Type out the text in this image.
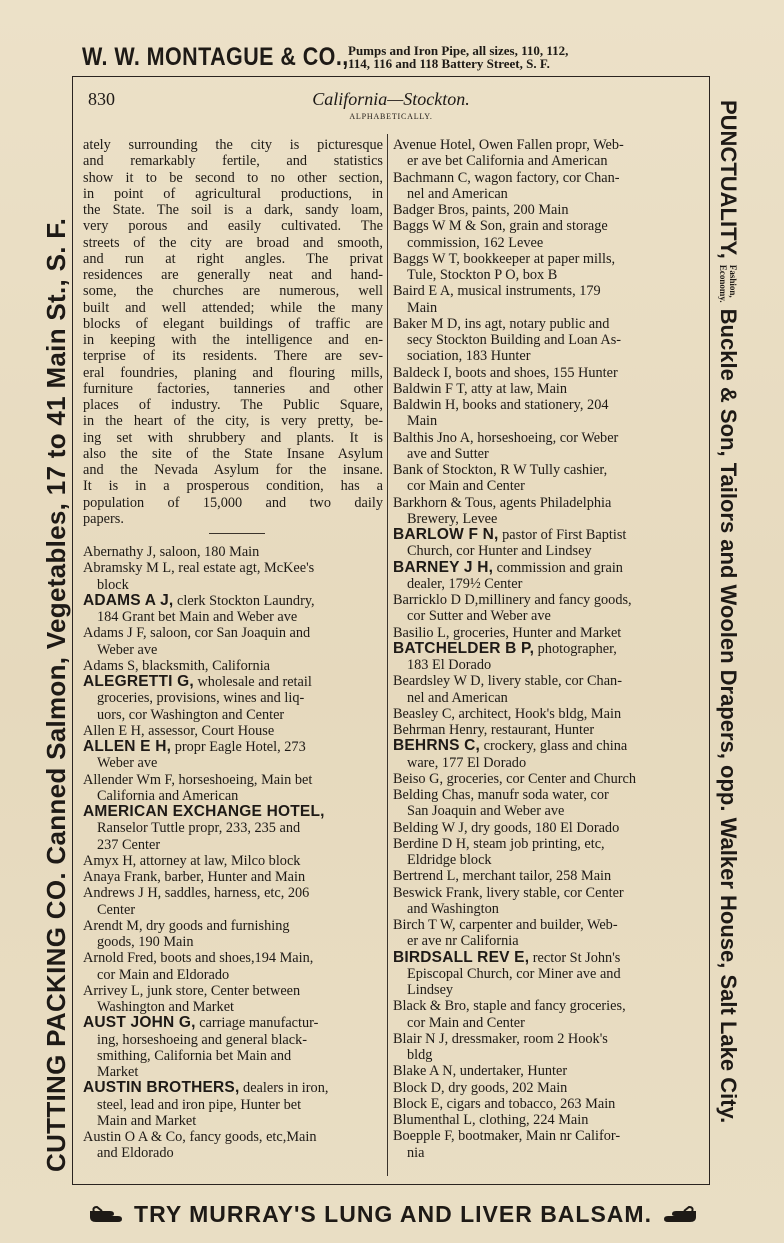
W. W. MONTAGUE & CO., Pumps and Iron Pipe, all sizes, 110, 112,
114, 116 and 118 Battery Street, S. F.
CUTTING PACKING CO. Canned Salmon, Vegetables, 17 to 41 Main St., S. F.
PUNCTUALITY,
Fashion,
Economy.
Buckle & Son, Tailors and Woolen Drapers, opp. Walker House, Salt Lake City.
830	California—Stockton.
ALPHABETICALLY.
ately surrounding the city is picturesque
and remarkably fertile, and statistics
show it to be second to no other section,
in point of agricultural productions, in
the State. The soil is a dark, sandy loam,
very porous and easily cultivated. The
streets of the city are broad and smooth,
and run at right angles. The privat
residences are generally neat and hand-
some, the churches are numerous, well
built and well attended; while the many
blocks of elegant buildings of traffic are
in keeping with the intelligence and en-
terprise of its residents. There are sev-
eral foundries, planing and flouring mills,
furniture factories, tanneries and other
places of industry. The Public Square,
in the heart of the city, is very pretty, be-
ing set with shrubbery and plants. It is
also the site of the State Insane Asylum
and the Nevada Asylum for the insane.
It is in a prosperous condition, has a
population of 15,000 and two daily
papers.
Abernathy J, saloon, 180 Main
Abramsky M L, real estate agt, McKee's
block
ADAMS A J, clerk Stockton Laundry,
184 Grant bet Main and Weber ave
Adams J F, saloon, cor San Joaquin and
Weber ave
Adams S, blacksmith, California
ALEGRETTI G, wholesale and retail
groceries, provisions, wines and liq-
uors, cor Washington and Center
Allen E H, assessor, Court House
ALLEN E H, propr Eagle Hotel, 273
Weber ave
Allender Wm F, horseshoeing, Main bet
California and American
AMERICAN EXCHANGE HOTEL,
Ranselor Tuttle propr, 233, 235 and
237 Center
Amyx H, attorney at law, Milco block
Anaya Frank, barber, Hunter and Main
Andrews J H, saddles, harness, etc, 206
Center
Arendt M, dry goods and furnishing
goods, 190 Main
Arnold Fred, boots and shoes,194 Main,
cor Main and Eldorado
Arrivey L, junk store, Center between
Washington and Market
AUST JOHN G, carriage manufactur-
ing, horseshoeing and general black-
smithing, California bet Main and
Market
AUSTIN BROTHERS, dealers in iron,
steel, lead and iron pipe, Hunter bet
Main and Market
Austin O A & Co, fancy goods, etc,Main
and Eldorado
Avenue Hotel, Owen Fallen propr, Web-
er ave bet California and American
Bachmann C, wagon factory, cor Chan-
nel and American
Badger Bros, paints, 200 Main
Baggs W M & Son, grain and storage
commission, 162 Levee
Baggs W T, bookkeeper at paper mills,
Tule, Stockton P O, box B
Baird E A, musical instruments, 179
Main
Baker M D, ins agt, notary public and
secy Stockton Building and Loan As-
sociation, 183 Hunter
Baldeck I, boots and shoes, 155 Hunter
Baldwin F T, atty at law, Main
Baldwin H, books and stationery, 204
Main
Balthis Jno A, horseshoeing, cor Weber
ave and Sutter
Bank of Stockton, R W Tully cashier,
cor Main and Center
Barkhorn & Tous, agents Philadelphia
Brewery, Levee
BARLOW F N, pastor of First Baptist
Church, cor Hunter and Lindsey
BARNEY J H, commission and grain
dealer, 179½ Center
Barricklo D D,millinery and fancy goods,
cor Sutter and Weber ave
Basilio L, groceries, Hunter and Market
BATCHELDER B P, photographer,
183 El Dorado
Beardsley W D, livery stable, cor Chan-
nel and American
Beasley C, architect, Hook's bldg, Main
Behrman Henry, restaurant, Hunter
BEHRNS C, crockery, glass and china
ware, 177 El Dorado
Beiso G, groceries, cor Center and Church
Belding Chas, manufr soda water, cor
San Joaquin and Weber ave
Belding W J, dry goods, 180 El Dorado
Berdine D H, steam job printing, etc,
Eldridge block
Bertrend L, merchant tailor, 258 Main
Beswick Frank, livery stable, cor Center
and Washington
Birch T W, carpenter and builder, Web-
er ave nr California
BIRDSALL REV E, rector St John's
Episcopal Church, cor Miner ave and
Lindsey
Black & Bro, staple and fancy groceries,
cor Main and Center
Blair N J, dressmaker, room 2 Hook's
bldg
Blake A N, undertaker, Hunter
Block D, dry goods, 202 Main
Block E, cigars and tobacco, 263 Main
Blumenthal L, clothing, 224 Main
Boepple F, bootmaker, Main nr Califor-
nia
TRY MURRAY'S LUNG AND LIVER BALSAM.
